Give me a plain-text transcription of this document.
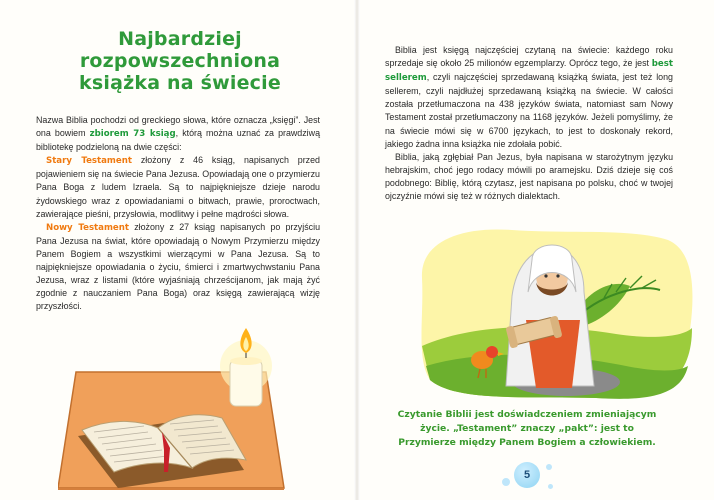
Najbardziej
rozpowszechniona
książka na świecie

Nazwa Biblia pochodzi od greckiego słowa, które oznacza „księgi”. Jest ona bowiem zbiorem 73 ksiąg, którą można uznać za prawdziwą bibliotekę podzieloną na dwie części:

Stary Testament złożony z 46 ksiąg, napisanych przed pojawieniem się na świecie Pana Jezusa. Opowiadają one o przymierzu Pana Boga z ludem Izraela. Są to najpiękniejsze dzieje narodu żydowskiego wraz z opowiadaniami o bitwach, prawie, proroctwach, zawierające pieśni, przysłowia, modlitwy i pełne mądrości słowa.

Nowy Testament złożony z 27 ksiąg napisanych po przyjściu Pana Jezusa na świat, które opowiadają o Nowym Przymierzu między Panem Bogiem a wszystkimi wierzącymi w Pana Jezusa. Są to najpiękniejsze opowiadania o życiu, śmierci i zmartwychwstaniu Pana Jezusa, wraz z listami (które wyjaśniają chrześcijanom, jak mają żyć zgodnie z nauczaniem Pana Boga) oraz księgą zawierającą wizję przyszłości.

Biblia jest księgą najczęściej czytaną na świecie: każdego roku sprzedaje się około 25 milionów egzemplarzy. Oprócz tego, że jest best sellerem, czyli najczęściej sprzedawaną książką świata, jest też long sellerem, czyli najdłużej sprzedawaną książką na świecie. W całości została przetłumaczona na 438 języków świata, natomiast sam Nowy Testament został przetłumaczony na 1168 języków. Jeżeli pomyślimy, że na świecie mówi się w 6700 językach, to jest to doskonały rekord, jakiego żadna inna książka nie zdołała pobić.

Biblia, jaką zgłębiał Pan Jezus, była napisana w starożytnym języku hebrajskim, choć jego rodacy mówili po aramejsku. Dziś dzieje się coś podobnego: Biblię, którą czytasz, jest napisana po polsku, choć w twojej ojczyźnie mówi się też w różnych dialektach.

Czytanie Biblii jest doświadczeniem zmieniającym życie. „Testament” znaczy „pakt”: jest to Przymierze między Panem Bogiem a człowiekiem.

5
